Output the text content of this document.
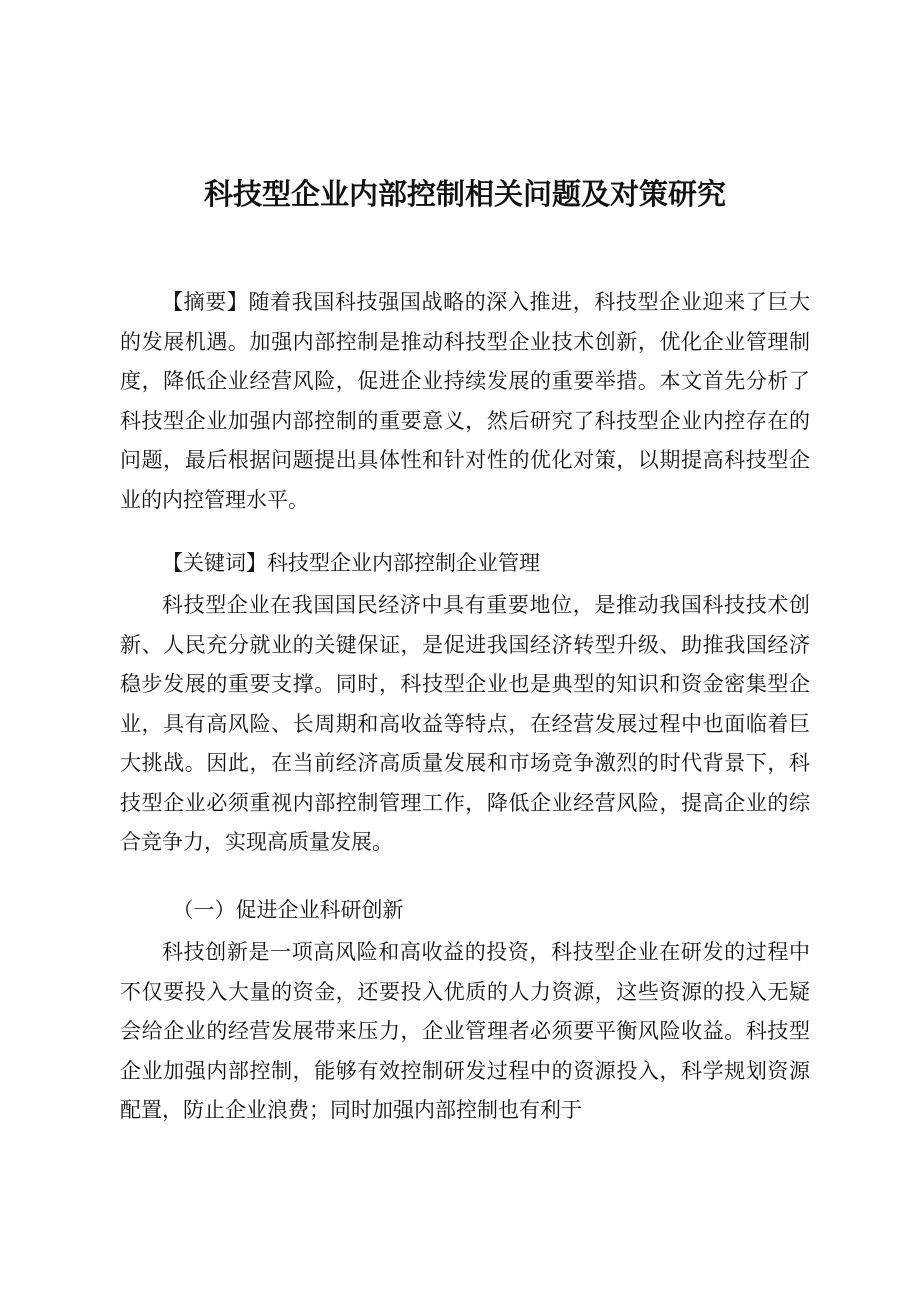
科技型企业内部控制相关问题及对策研究

【摘要】随着我国科技强国战略的深入推进，科技型企业迎来了巨大的发展机遇。加强内部控制是推动科技型企业技术创新，优化企业管理制度，降低企业经营风险，促进企业持续发展的重要举措。本文首先分析了科技型企业加强内部控制的重要意义，然后研究了科技型企业内控存在的问题，最后根据问题提出具体性和针对性的优化对策，以期提高科技型企业的内控管理水平。

【关键词】科技型企业内部控制企业管理

科技型企业在我国国民经济中具有重要地位，是推动我国科技技术创新、人民充分就业的关键保证，是促进我国经济转型升级、助推我国经济稳步发展的重要支撑。同时，科技型企业也是典型的知识和资金密集型企业，具有高风险、长周期和高收益等特点，在经营发展过程中也面临着巨大挑战。因此，在当前经济高质量发展和市场竞争激烈的时代背景下，科技型企业必须重视内部控制管理工作，降低企业经营风险，提高企业的综合竞争力，实现高质量发展。

（一）促进企业科研创新

科技创新是一项高风险和高收益的投资，科技型企业在研发的过程中不仅要投入大量的资金，还要投入优质的人力资源，这些资源的投入无疑会给企业的经营发展带来压力，企业管理者必须要平衡风险收益。科技型企业加强内部控制，能够有效控制研发过程中的资源投入，科学规划资源配置，防止企业浪费；同时加强内部控制也有利于
